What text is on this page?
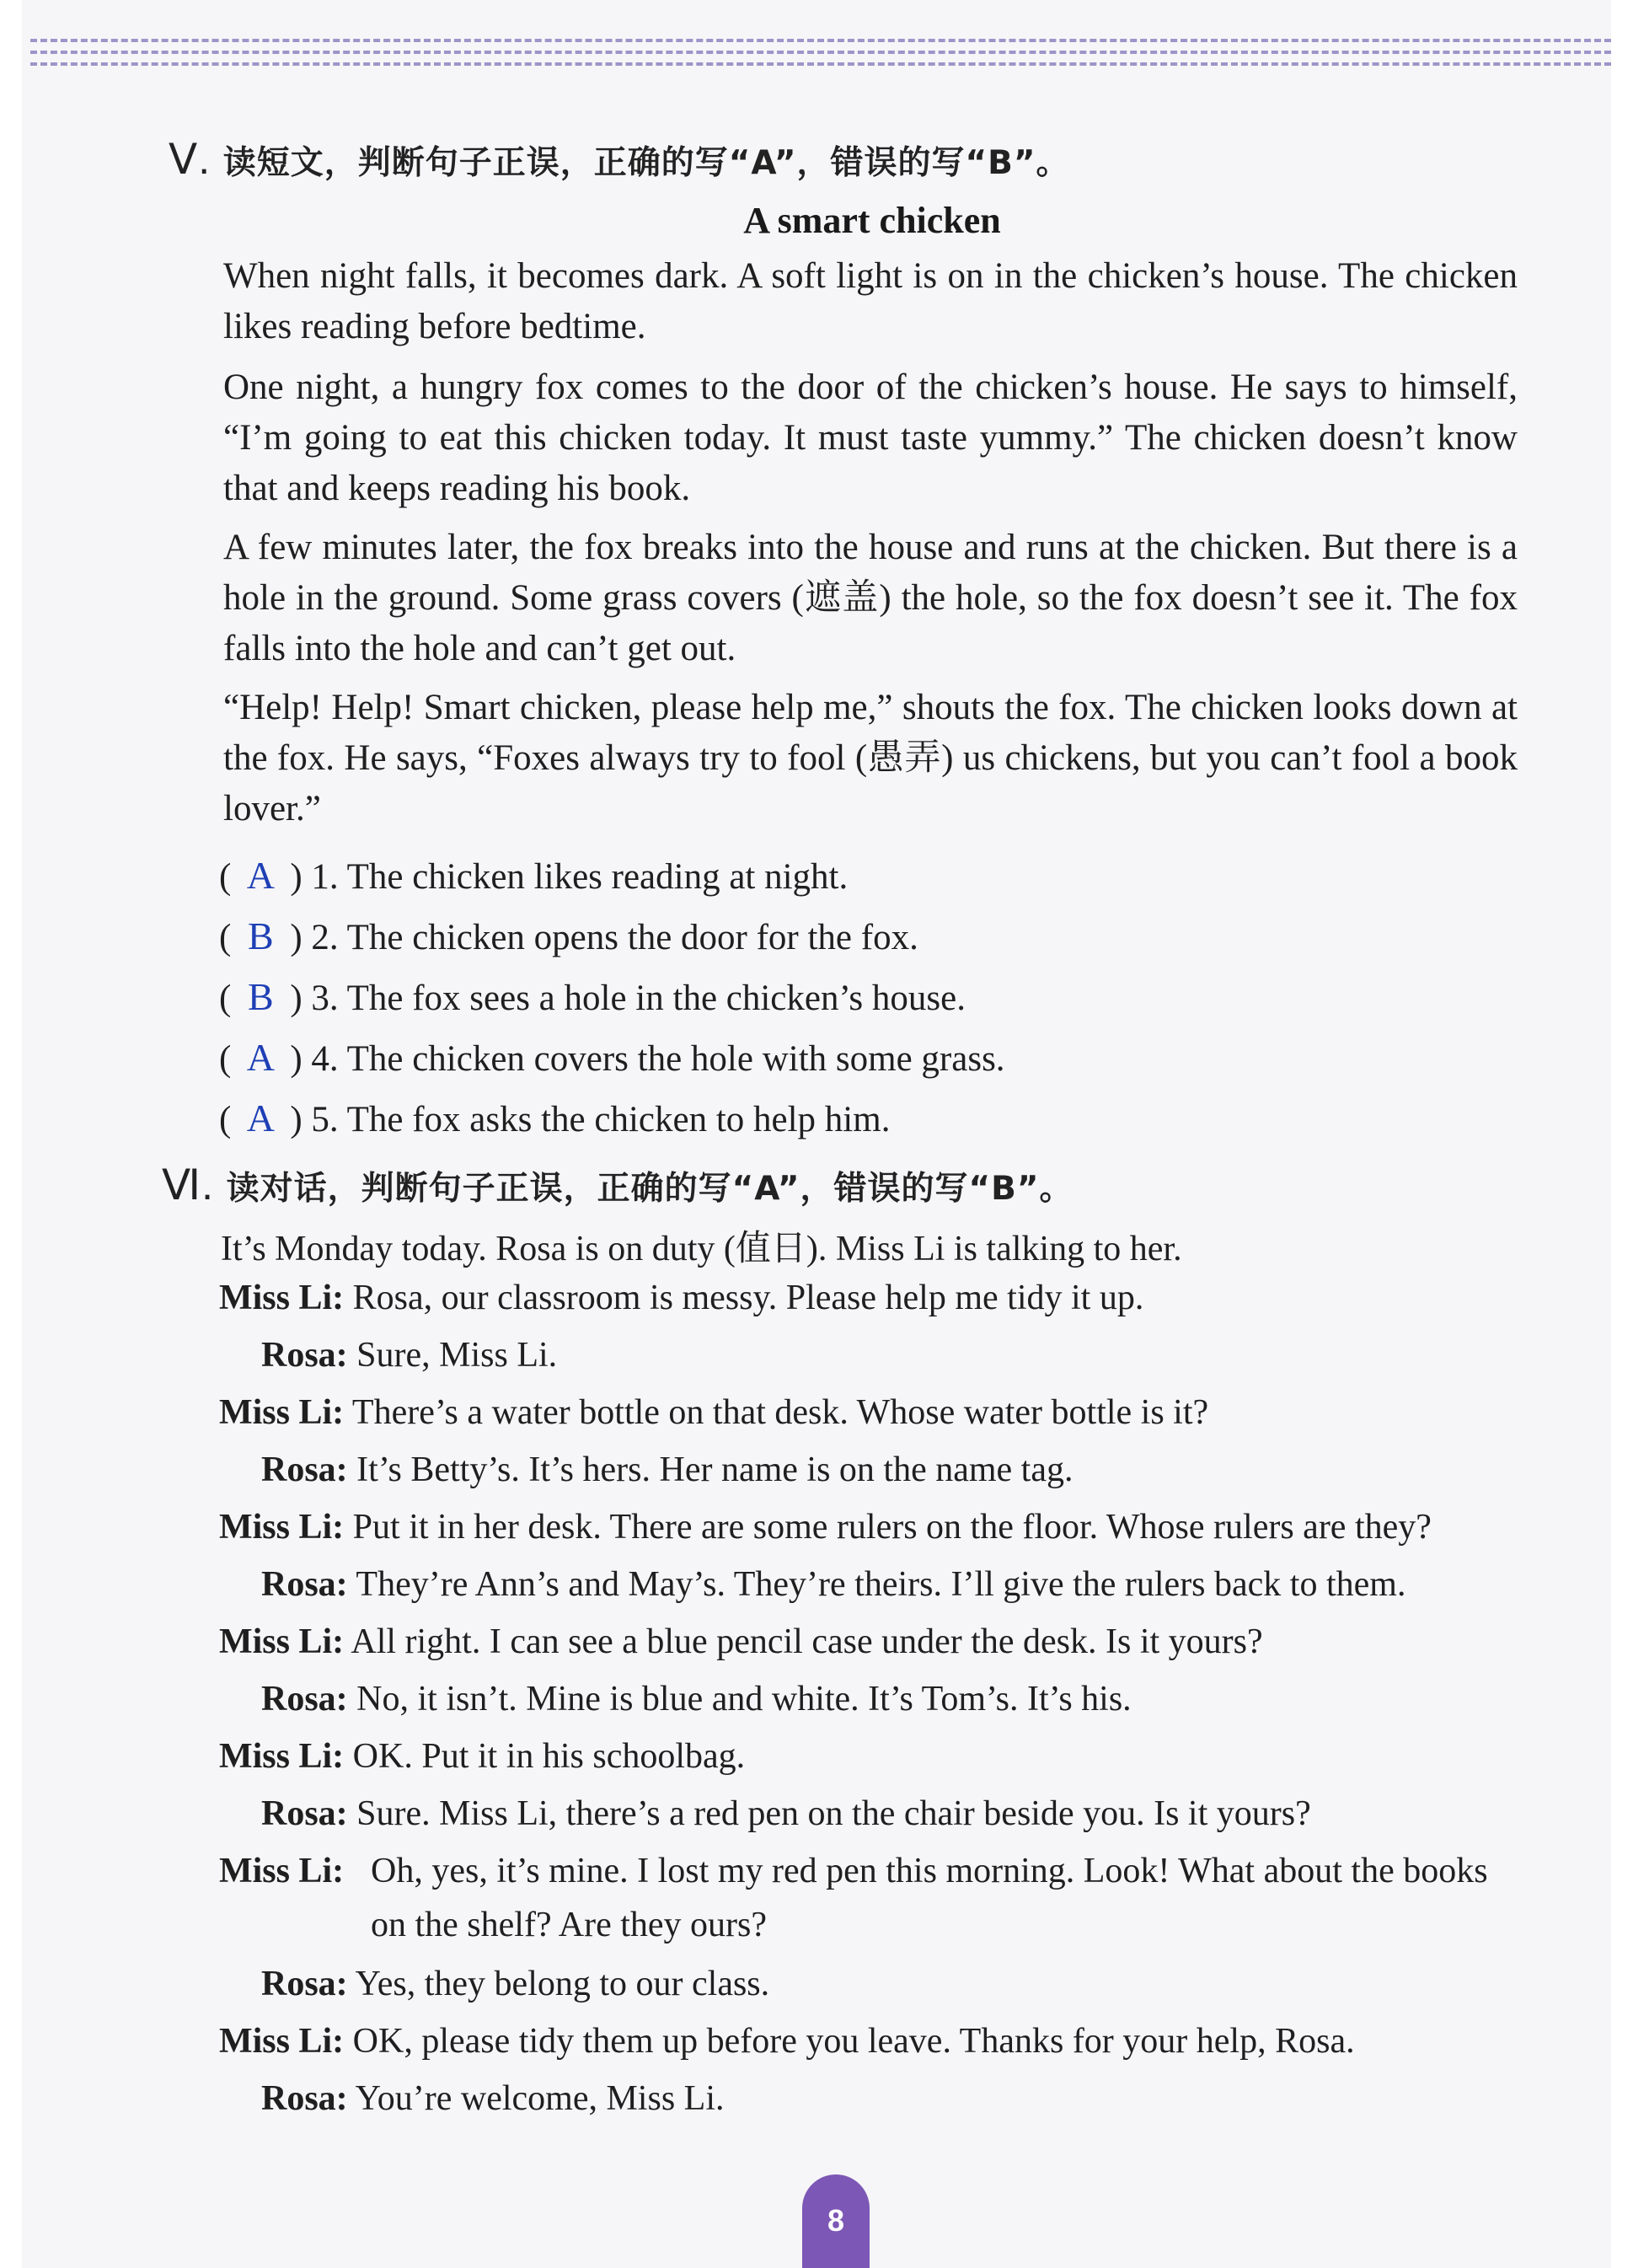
Ⅴ. 读短文，判断句子正误，正确的写“A”，错误的写“B”。
A smart chicken

When night falls, it becomes dark. A soft light is on in the chicken’s house. The chicken likes reading before bedtime.

One night, a hungry fox comes to the door of the chicken’s house. He says to himself, “I’m going to eat this chicken today. It must taste yummy.” The chicken doesn’t know that and keeps reading his book.

A few minutes later, the fox breaks into the house and runs at the chicken. But there is a hole in the ground. Some grass covers (遮盖) the hole, so the fox doesn’t see it. The fox falls into the hole and can’t get out.

“Help! Help! Smart chicken, please help me,” shouts the fox. The chicken looks down at the fox. He says, “Foxes always try to fool (愚弄) us chickens, but you can’t fool a book lover.”

( A ) 1. The chicken likes reading at night.
( B ) 2. The chicken opens the door for the fox.
( B ) 3. The fox sees a hole in the chicken’s house.
( A ) 4. The chicken covers the hole with some grass.
( A ) 5. The fox asks the chicken to help him.
Ⅵ. 读对话，判断句子正误，正确的写“A”，错误的写“B”。
It’s Monday today. Rosa is on duty (值日). Miss Li is talking to her.
Miss Li: Rosa, our classroom is messy. Please help me tidy it up.
Rosa: Sure, Miss Li.
Miss Li: There’s a water bottle on that desk. Whose water bottle is it?
Rosa: It’s Betty’s. It’s hers. Her name is on the name tag.
Miss Li: Put it in her desk. There are some rulers on the floor. Whose rulers are they?
Rosa: They’re Ann’s and May’s. They’re theirs. I’ll give the rulers back to them.
Miss Li: All right. I can see a blue pencil case under the desk. Is it yours?
Rosa: No, it isn’t. Mine is blue and white. It’s Tom’s. It’s his.
Miss Li: OK. Put it in his schoolbag.
Rosa: Sure. Miss Li, there’s a red pen on the chair beside you. Is it yours?
Miss Li: Oh, yes, it’s mine. I lost my red pen this morning. Look! What about the books on the shelf? Are they ours?
Rosa: Yes, they belong to our class.
Miss Li: OK, please tidy them up before you leave. Thanks for your help, Rosa.
Rosa: You’re welcome, Miss Li.
8
